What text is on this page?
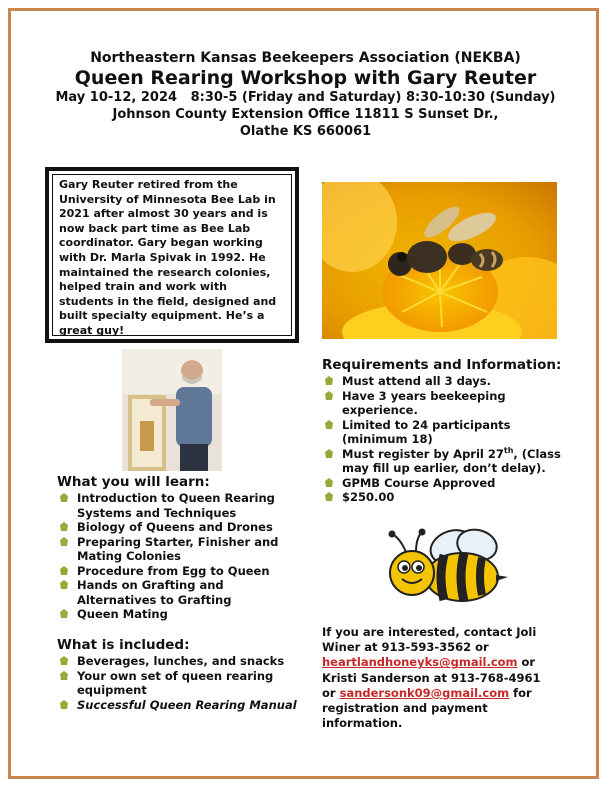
Northeastern Kansas Beekeepers Association (NEKBA)
Queen Rearing Workshop with Gary Reuter
May 10-12, 2024   8:30-5 (Friday and Saturday) 8:30-10:30 (Sunday)
Johnson County Extension Office 11811 S Sunset Dr.,
Olathe KS 660061
Gary Reuter retired from the University of Minnesota Bee Lab in 2021 after almost 30 years and is now back part time as Bee Lab coordinator. Gary began working with Dr. Marla Spivak in 1992. He maintained the research colonies, helped train and work with students in the field, designed and built specialty equipment. He’s a great guy!
What you will learn:
Introduction to Queen Rearing Systems and Techniques
Biology of Queens and Drones
Preparing Starter, Finisher and Mating Colonies
Procedure from Egg to Queen
Hands on Grafting and Alternatives to Grafting
Queen Mating
What is included:
Beverages, lunches, and snacks
Your own set of queen rearing equipment
Successful Queen Rearing Manual
Requirements and Information:
Must attend all 3 days.
Have 3 years beekeeping experience.
Limited to 24 participants (minimum 18)
Must register by April 27th, (Class may fill up earlier, don’t delay).
GPMB Course Approved
$250.00
If you are interested, contact Joli Winer at 913-593-3562 or heartlandhoneyks@gmail.com or Kristi Sanderson at 913-768-4961 or sandersonk09@gmail.com for registration and payment information.
